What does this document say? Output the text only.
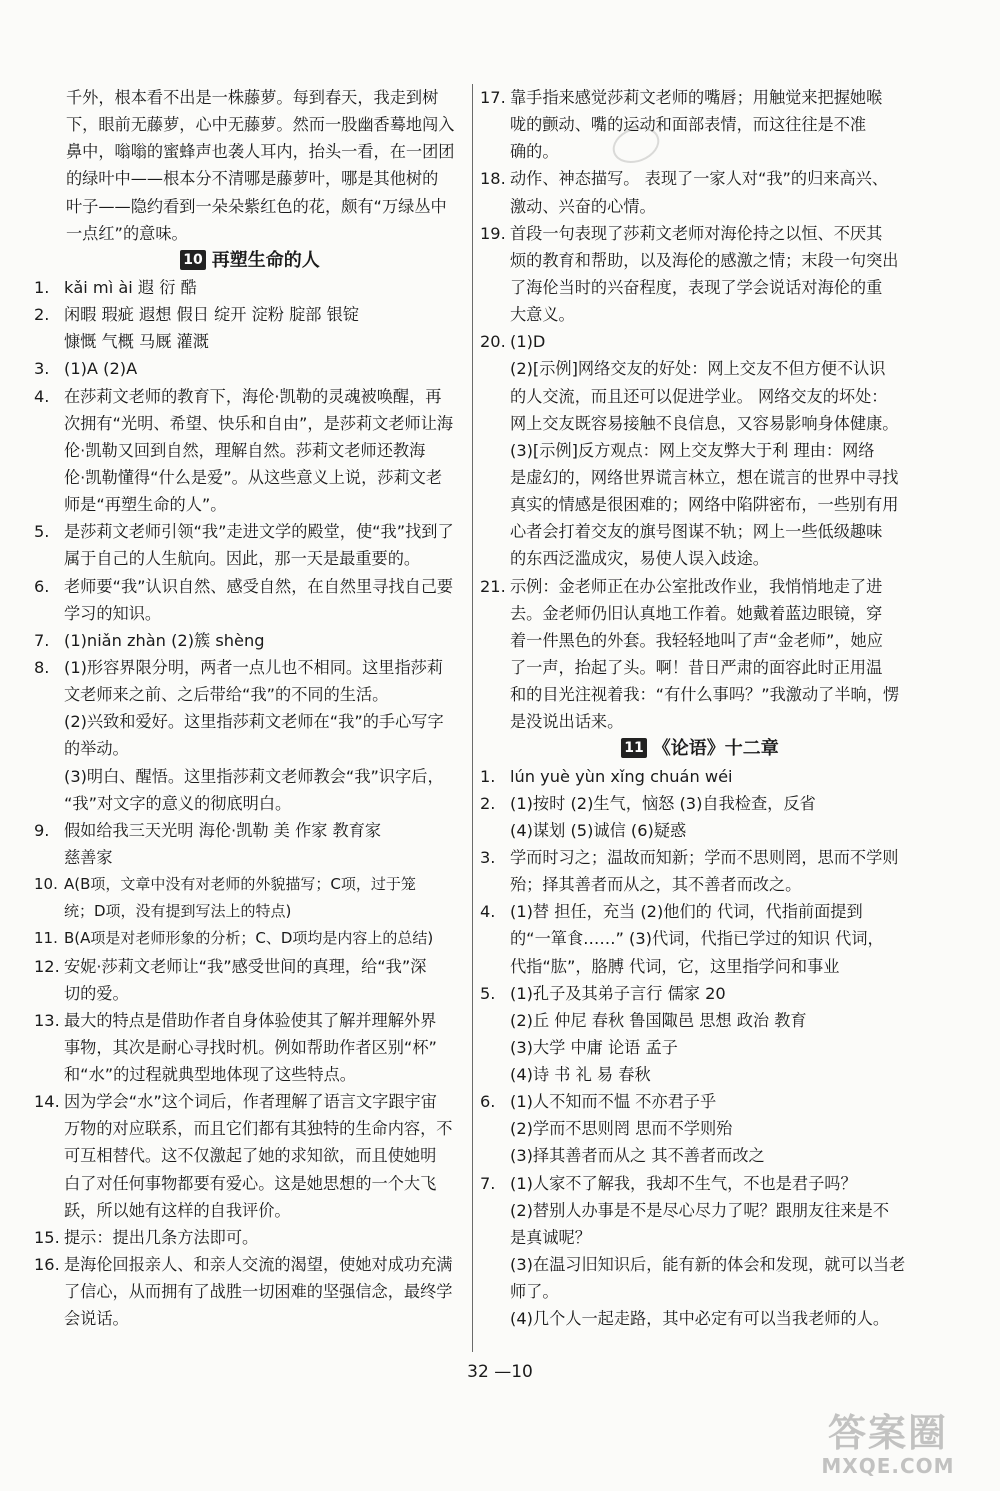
千外，根本看不出是一株藤萝。每到春天，我走到树
下，眼前无藤萝，心中无藤萝。然而一股幽香蓦地闯入
鼻中，嗡嗡的蜜蜂声也袭人耳内，抬头一看，在一团团
的绿叶中——根本分不清哪是藤萝叶，哪是其他树的
叶子——隐约看到一朵朵紫红色的花，颇有“万绿丛中
一点红”的意味。
10 再塑生命的人
1. kǎi mì ài 遐 衍 酷
2. 闲暇 瑕疵 遐想 假日 绽开 淀粉 腚部 银锭
慷慨 气概 马厩 灌溉
3. (1)A (2)A
4. 在莎莉文老师的教育下，海伦·凯勒的灵魂被唤醒，再
次拥有“光明、希望、快乐和自由”，是莎莉文老师让海
伦·凯勒又回到自然，理解自然。莎莉文老师还教海
伦·凯勒懂得“什么是爱”。从这些意义上说，莎莉文老
师是“再塑生命的人”。
5. 是莎莉文老师引领“我”走进文学的殿堂，使“我”找到了
属于自己的人生航向。因此，那一天是最重要的。
6. 老师要“我”认识自然、感受自然，在自然里寻找自己要
学习的知识。
7. (1)niǎn zhàn (2)簇 shèng
8. (1)形容界限分明，两者一点儿也不相同。这里指莎莉
文老师来之前、之后带给“我”的不同的生活。
(2)兴致和爱好。这里指莎莉文老师在“我”的手心写字
的举动。
(3)明白、醒悟。这里指莎莉文老师教会“我”识字后，
“我”对文字的意义的彻底明白。
9. 假如给我三天光明 海伦·凯勒 美 作家 教育家
慈善家
10. A(B项，文章中没有对老师的外貌描写；C项，过于笼
统；D项，没有提到写法上的特点)
11. B(A项是对老师形象的分析；C、D项均是内容上的总结)
12. 安妮·莎莉文老师让“我”感受世间的真理，给“我”深
切的爱。
13. 最大的特点是借助作者自身体验使其了解并理解外界
事物，其次是耐心寻找时机。例如帮助作者区别“杯”
和“水”的过程就典型地体现了这些特点。
14. 因为学会“水”这个词后，作者理解了语言文字跟宇宙
万物的对应联系，而且它们都有其独特的生命内容，不
可互相替代。这不仅激起了她的求知欲，而且使她明
白了对任何事物都要有爱心。这是她思想的一个大飞
跃，所以她有这样的自我评价。
15. 提示：提出几条方法即可。
16. 是海伦回报亲人、和亲人交流的渴望，使她对成功充满
了信心，从而拥有了战胜一切困难的坚强信念，最终学
会说话。
17. 靠手指来感觉莎莉文老师的嘴唇；用触觉来把握她喉
咙的颤动、嘴的运动和面部表情，而这往往是不准
确的。
18. 动作、神态描写。 表现了一家人对“我”的归来高兴、
激动、兴奋的心情。
19. 首段一句表现了莎莉文老师对海伦持之以恒、不厌其
烦的教育和帮助，以及海伦的感激之情；末段一句突出
了海伦当时的兴奋程度，表现了学会说话对海伦的重
大意义。
20. (1)D
(2)[示例]网络交友的好处：网上交友不但方便不认识
的人交流，而且还可以促进学业。 网络交友的坏处：
网上交友既容易接触不良信息，又容易影响身体健康。
(3)[示例]反方观点：网上交友弊大于利 理由：网络
是虚幻的，网络世界谎言林立，想在谎言的世界中寻找
真实的情感是很困难的；网络中陷阱密布，一些别有用
心者会打着交友的旗号图谋不轨；网上一些低级趣味
的东西泛滥成灾，易使人误入歧途。
21. 示例：金老师正在办公室批改作业，我悄悄地走了进
去。金老师仍旧认真地工作着。她戴着蓝边眼镜，穿
着一件黑色的外套。我轻轻地叫了声“金老师”，她应
了一声，抬起了头。啊！昔日严肃的面容此时正用温
和的目光注视着我：“有什么事吗？”我激动了半晌，愣
是没说出话来。
11 《论语》十二章
1. lún yuè yùn xǐng chuán wéi
2. (1)按时 (2)生气，恼怒 (3)自我检查，反省
(4)谋划 (5)诚信 (6)疑惑
3. 学而时习之；温故而知新；学而不思则罔，思而不学则
殆；择其善者而从之，其不善者而改之。
4. (1)替 担任，充当 (2)他们的 代词，代指前面提到
的“一箪食……” (3)代词，代指已学过的知识 代词，
代指“肱”，胳膊 代词，它，这里指学问和事业
5. (1)孔子及其弟子言行 儒家 20
(2)丘 仲尼 春秋 鲁国陬邑 思想 政治 教育
(3)大学 中庸 论语 孟子
(4)诗 书 礼 易 春秋
6. (1)人不知而不愠 不亦君子乎
(2)学而不思则罔 思而不学则殆
(3)择其善者而从之 其不善者而改之
7. (1)人家不了解我，我却不生气，不也是君子吗？
(2)替别人办事是不是尽心尽力了呢？跟朋友往来是不
是真诚呢？
(3)在温习旧知识后，能有新的体会和发现，就可以当老
师了。
(4)几个人一起走路，其中必定有可以当我老师的人。
32 —10
答案圈
MXQE.COM
